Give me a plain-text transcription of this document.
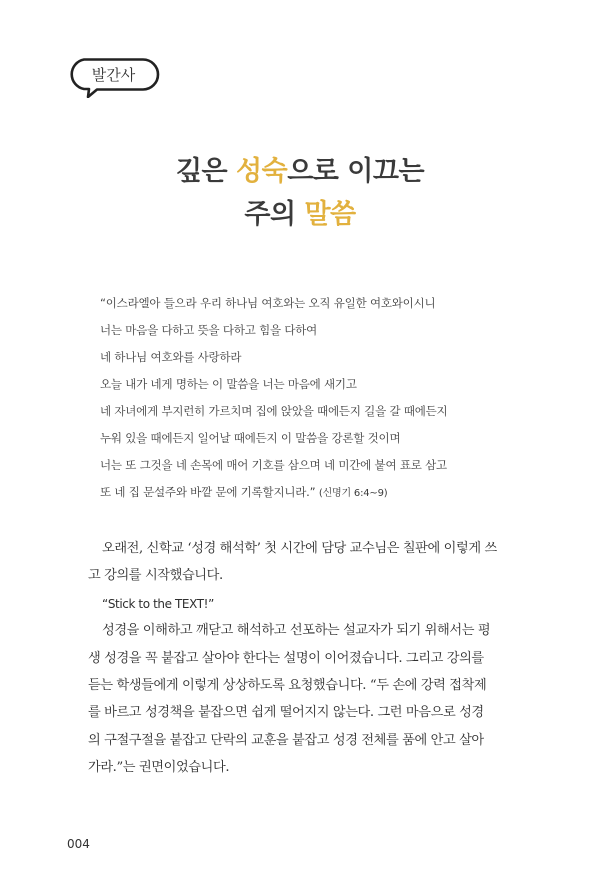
발간사
깊은 성숙으로 이끄는
주의 말씀
“이스라엘아 들으라 우리 하나님 여호와는 오직 유일한 여호와이시니
너는 마음을 다하고 뜻을 다하고 힘을 다하여
네 하나님 여호와를 사랑하라
오늘 내가 네게 명하는 이 말씀을 너는 마음에 새기고
네 자녀에게 부지런히 가르치며 집에 앉았을 때에든지 길을 갈 때에든지
누워 있을 때에든지 일어날 때에든지 이 말씀을 강론할 것이며
너는 또 그것을 네 손목에 매어 기호를 삼으며 네 미간에 붙여 표로 삼고
또 네 집 문설주와 바깥 문에 기록할지니라.” (신명기 6:4~9)
오래전, 신학교 ‘성경 해석학’ 첫 시간에 담당 교수님은 칠판에 이렇게 쓰
고 강의를 시작했습니다.
“Stick to the TEXT!”
성경을 이해하고 깨닫고 해석하고 선포하는 설교자가 되기 위해서는 평
생 성경을 꼭 붙잡고 살아야 한다는 설명이 이어졌습니다. 그리고 강의를
듣는 학생들에게 이렇게 상상하도록 요청했습니다. “두 손에 강력 접착제
를 바르고 성경책을 붙잡으면 쉽게 떨어지지 않는다. 그런 마음으로 성경
의 구절구절을 붙잡고 단락의 교훈을 붙잡고 성경 전체를 품에 안고 살아
가라.”는 권면이었습니다.
004
